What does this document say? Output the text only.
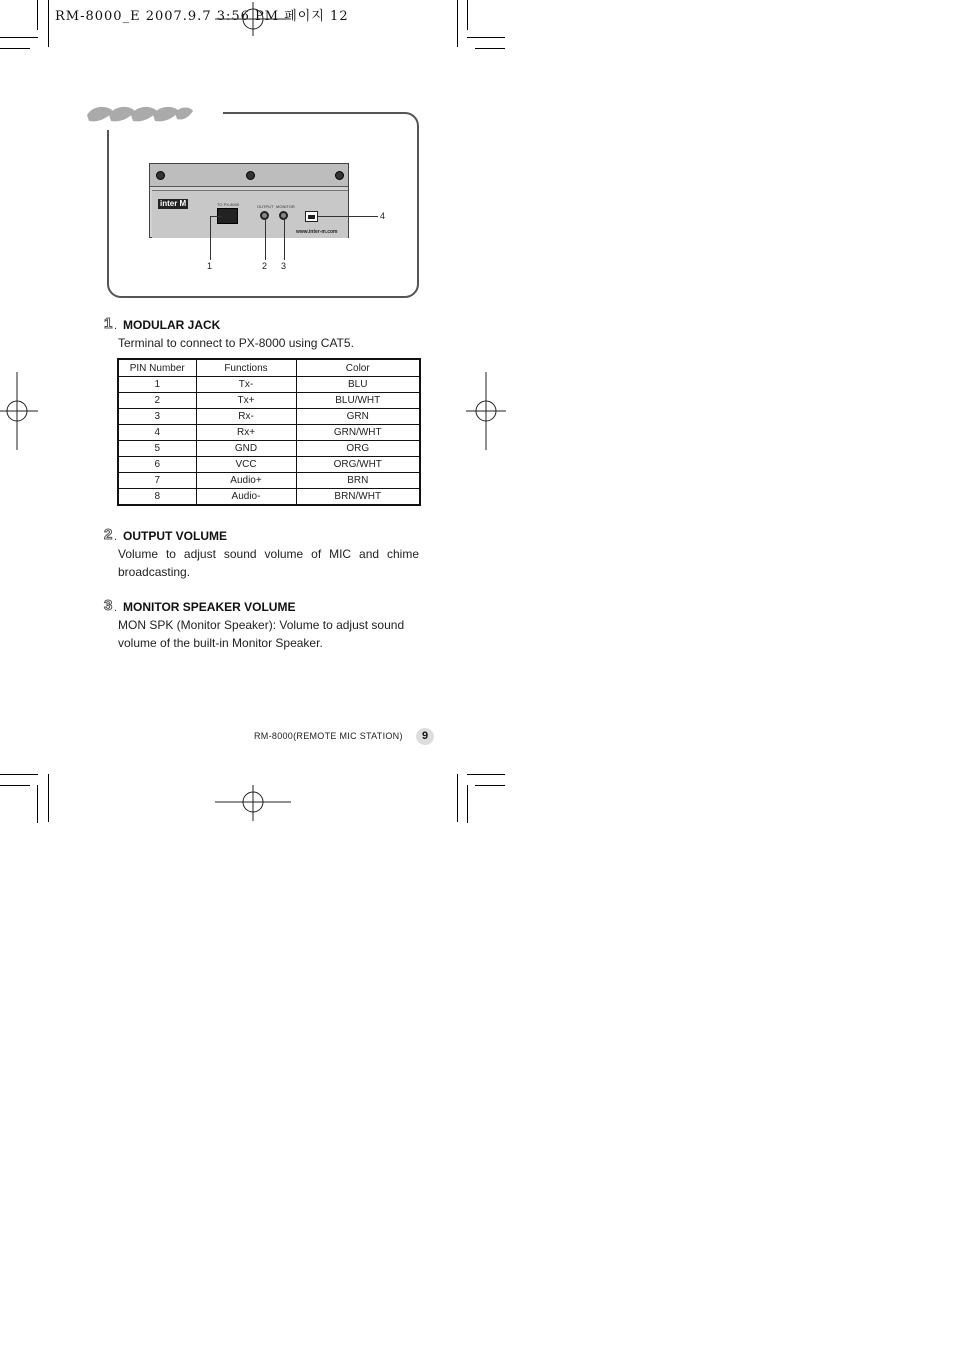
RM-8000_E 2007.9.7 3:56 PM 페이지 12
inter M	TO PX-8000	OUTPUT MONITOR
www.inter-m.com
1	2 3
4
1 . MODULAR JACK
Terminal to connect to PX-8000 using CAT5.
PIN Number	Functions	Color
1	Tx-	BLU
2	Tx+	BLU/WHT
3	Rx-	GRN
4	Rx+	GRN/WHT
5	GND	ORG
6	VCC	ORG/WHT
7	Audio+	BRN
8	Audio-	BRN/WHT
2 . OUTPUT VOLUME
Volume to adjust sound volume of MIC and chime broadcasting.
3 . MONITOR SPEAKER VOLUME
MON SPK (Monitor Speaker): Volume to adjust sound volume of the built-in Monitor Speaker.
RM-8000(REMOTE MIC STATION)	9
